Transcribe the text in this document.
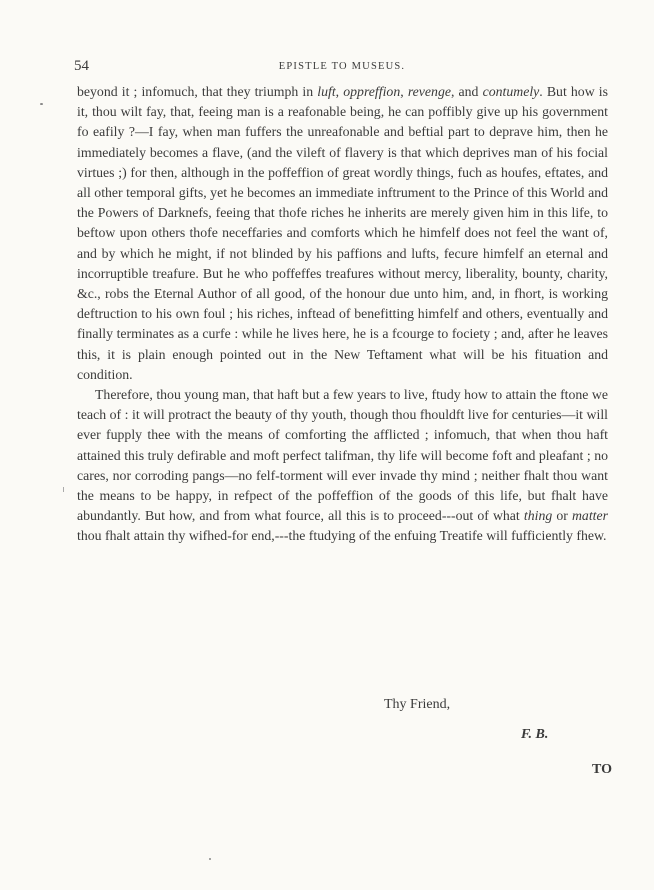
54	EPISTLE TO MUSEUS.

beyond it ; infomuch, that they triumph in luft, oppreffion, revenge, and contumely. But how is it, thou wilt fay, that, feeing man is a reafonable being, he can poffibly give up his government fo eafily ?—I fay, when man fuffers the unreafonable and beftial part to deprave him, then he immediately becomes a flave, (and the vileft of flavery is that which deprives man of his focial virtues ;) for then, although in the poffeffion of great wordly things, fuch as houfes, eftates, and all other temporal gifts, yet he becomes an immediate inftrument to the Prince of this World and the Powers of Darknefs, feeing that thofe riches he inherits are merely given him in this life, to beftow upon others thofe neceffaries and comforts which he himfelf does not feel the want of, and by which he might, if not blinded by his paffions and lufts, fecure himfelf an eternal and incorruptible treafure. But he who poffeffes treafures without mercy, liberality, bounty, charity, &c., robs the Eternal Author of all good, of the honour due unto him, and, in fhort, is working deftruction to his own foul ; his riches, inftead of benefitting himfelf and others, eventually and finally terminates as a curfe : while he lives here, he is a fcourge to fociety ; and, after he leaves this, it is plain enough pointed out in the New Teftament what will be his fituation and condition.

Therefore, thou young man, that haft but a few years to live, ftudy how to attain the ftone we teach of : it will protract the beauty of thy youth, though thou fhouldft live for centuries—it will ever fupply thee with the means of comforting the afflicted ; infomuch, that when thou haft attained this truly defirable and moft perfect talifman, thy life will become foft and pleafant ; no cares, nor corroding pangs—no felf-torment will ever invade thy mind ; neither fhalt thou want the means to be happy, in refpect of the poffeffion of the goods of this life, but fhalt have abundantly. But how, and from what fource, all this is to proceed---out of what thing or matter thou fhalt attain thy wifhed-for end,---the ftudying of the enfuing Treatife will fufficiently fhew.

Thy Friend,
F. B.
TO
